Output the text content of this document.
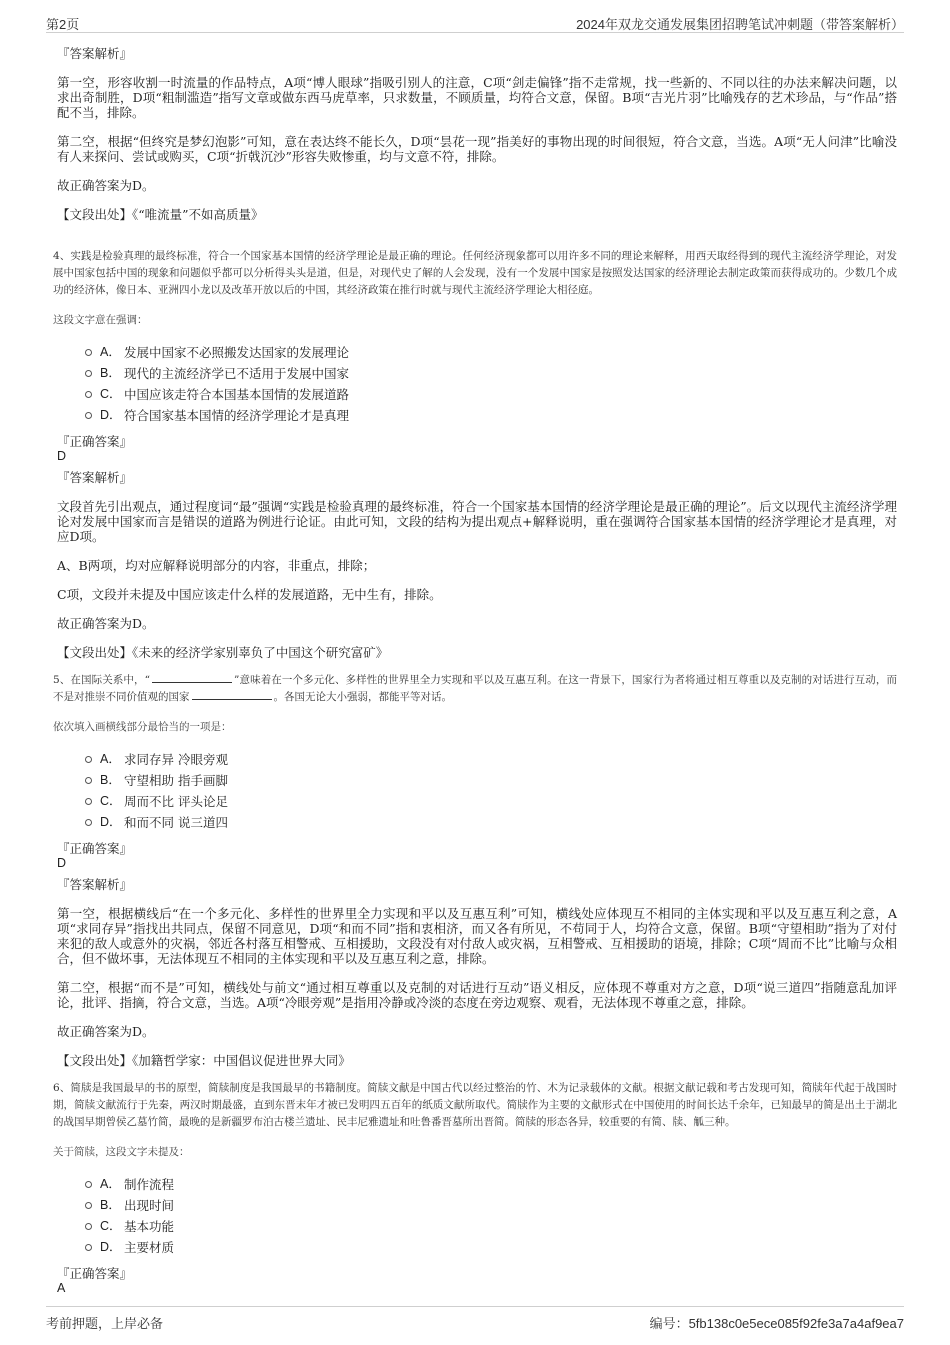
第2页	2024年双龙交通发展集团招聘笔试冲刺题（带答案解析）
『答案解析』
第一空，形容收割一时流量的作品特点，A项“博人眼球”指吸引别人的注意，C项“剑走偏锋”指不走常规，找一些新的、不同以往的办法来解决问题，以求出奇制胜，D项“粗制滥造”指写文章或做东西马虎草率，只求数量，不顾质量，均符合文意，保留。B项“吉光片羽”比喻残存的艺术珍品，与“作品”搭配不当，排除。
第二空，根据“但终究是梦幻泡影”可知，意在表达终不能长久，D项“昙花一现”指美好的事物出现的时间很短，符合文意，当选。A项“无人问津”比喻没有人来探问、尝试或购买，C项“折戟沉沙”形容失败惨重，均与文意不符，排除。
故正确答案为D。
【文段出处】《“唯流量”不如高质量》
4、实践是检验真理的最终标准，符合一个国家基本国情的经济学理论是最正确的理论。任何经济现象都可以用许多不同的理论来解释，用西天取经得到的现代主流经济学理论，对发展中国家包括中国的现象和问题似乎都可以分析得头头是道，但是，对现代史了解的人会发现，没有一个发展中国家是按照发达国家的经济理论去制定政策而获得成功的。少数几个成功的经济体，像日本、亚洲四小龙以及改革开放以后的中国，其经济政策在推行时就与现代主流经济学理论大相径庭。
这段文字意在强调：
A． 发展中国家不必照搬发达国家的发展理论
B． 现代的主流经济学已不适用于发展中国家
C． 中国应该走符合本国基本国情的发展道路
D． 符合国家基本国情的经济学理论才是真理
『正确答案』
D
『答案解析』
文段首先引出观点，通过程度词“最”强调“实践是检验真理的最终标准，符合一个国家基本国情的经济学理论是最正确的理论”。后文以现代主流经济学理论对发展中国家而言是错误的道路为例进行论证。由此可知，文段的结构为提出观点+解释说明，重在强调符合国家基本国情的经济学理论才是真理，对应D项。
A、B两项，均对应解释说明部分的内容，非重点，排除；
C项，文段并未提及中国应该走什么样的发展道路，无中生有，排除。
故正确答案为D。
【文段出处】《未来的经济学家别辜负了中国这个研究富矿》
5、在国际关系中，“	”意味着在一个多元化、多样性的世界里全力实现和平以及互惠互利。在这一背景下，国家行为者将通过相互尊重以及克制的对话进行互动，而不是对推崇不同价值观的国家	。各国无论大小强弱，都能平等对话。
依次填入画横线部分最恰当的一项是：
A． 求同存异 冷眼旁观
B． 守望相助 指手画脚
C． 周而不比 评头论足
D． 和而不同 说三道四
『正确答案』
D
『答案解析』
第一空，根据横线后“在一个多元化、多样性的世界里全力实现和平以及互惠互利”可知，横线处应体现互不相同的主体实现和平以及互惠互利之意，A项“求同存异”指找出共同点，保留不同意见，D项“和而不同”指和衷相济，而又各有所见，不苟同于人，均符合文意，保留。B项“守望相助”指为了对付来犯的敌人或意外的灾祸，邻近各村落互相警戒、互相援助，文段没有对付敌人或灾祸，互相警戒、互相援助的语境，排除；C项“周而不比”比喻与众相合，但不做坏事，无法体现互不相同的主体实现和平以及互惠互利之意，排除。
第二空，根据“而不是”可知，横线处与前文“通过相互尊重以及克制的对话进行互动”语义相反，应体现不尊重对方之意，D项“说三道四”指随意乱加评论，批评、指摘，符合文意，当选。A项“冷眼旁观”是指用冷静或冷淡的态度在旁边观察、观看，无法体现不尊重之意，排除。
故正确答案为D。
【文段出处】《加籍哲学家：中国倡议促进世界大同》
6、简牍是我国最早的书的原型，简牍制度是我国最早的书籍制度。简牍文献是中国古代以经过整治的竹、木为记录载体的文献。根据文献记载和考古发现可知，简牍年代起于战国时期，简牍文献流行于先秦，两汉时期最盛，直到东晋末年才被已发明四五百年的纸质文献所取代。简牍作为主要的文献形式在中国使用的时间长达千余年，已知最早的简是出土于湖北的战国早期曾侯乙墓竹简，最晚的是新疆罗布泊古楼兰遗址、民丰尼雅遗址和吐鲁番晋墓所出晋简。简牍的形态各异，较重要的有简、牍、觚三种。
关于简牍，这段文字未提及：
A． 制作流程
B． 出现时间
C． 基本功能
D． 主要材质
『正确答案』
A
考前押题，上岸必备	编号：5fb138c0e5ece085f92fe3a7a4af9ea7
